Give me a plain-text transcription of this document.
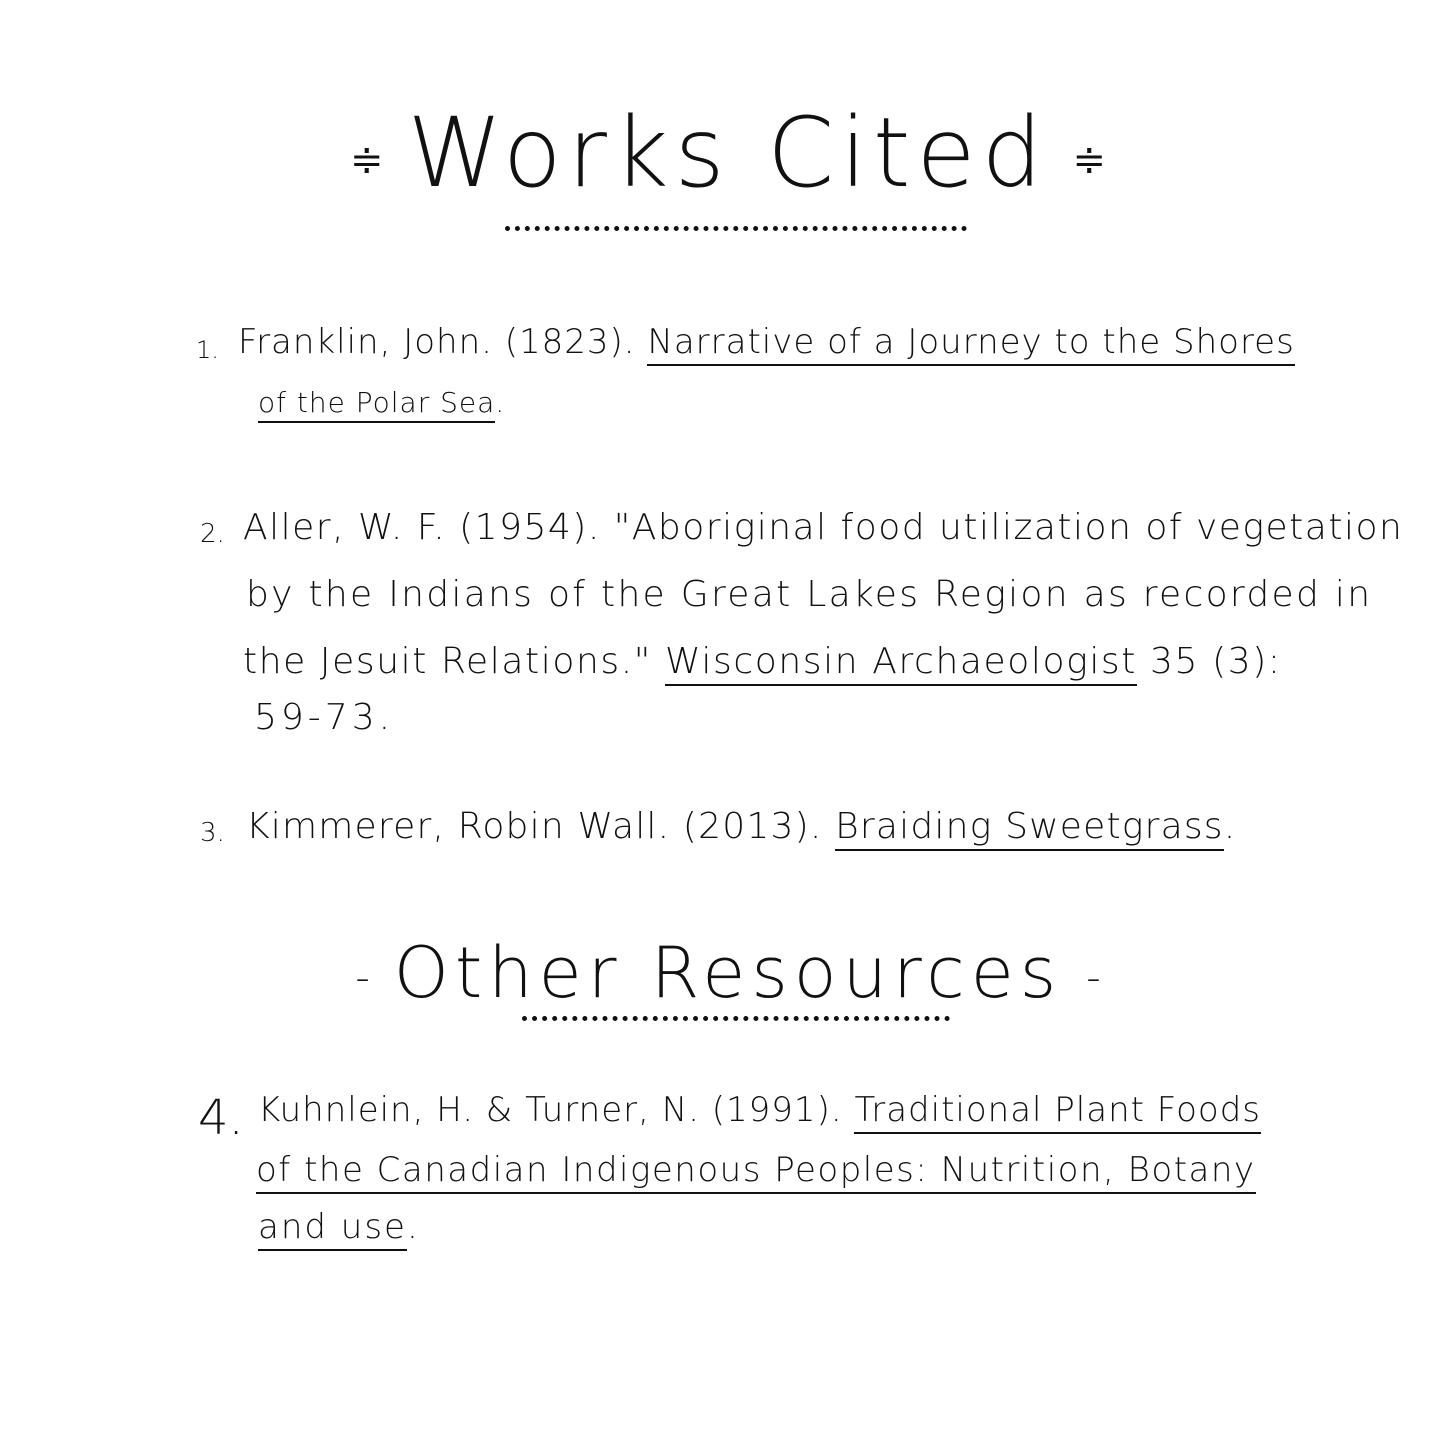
≑ Works Cited ≑
1. Franklin, John. (1823). Narrative of a Journey to the Shores
of the Polar Sea.
2. Aller, W. F. (1954). "Aboriginal food utilization of vegetation
by the Indians of the Great Lakes Region as recorded in
the Jesuit Relations." Wisconsin Archaeologist 35 (3):
59-73.
3. Kimmerer, Robin Wall. (2013). Braiding Sweetgrass.
- Other Resources -
4. Kuhnlein, H. & Turner, N. (1991). Traditional Plant Foods
of the Canadian Indigenous Peoples: Nutrition, Botany
and use.
